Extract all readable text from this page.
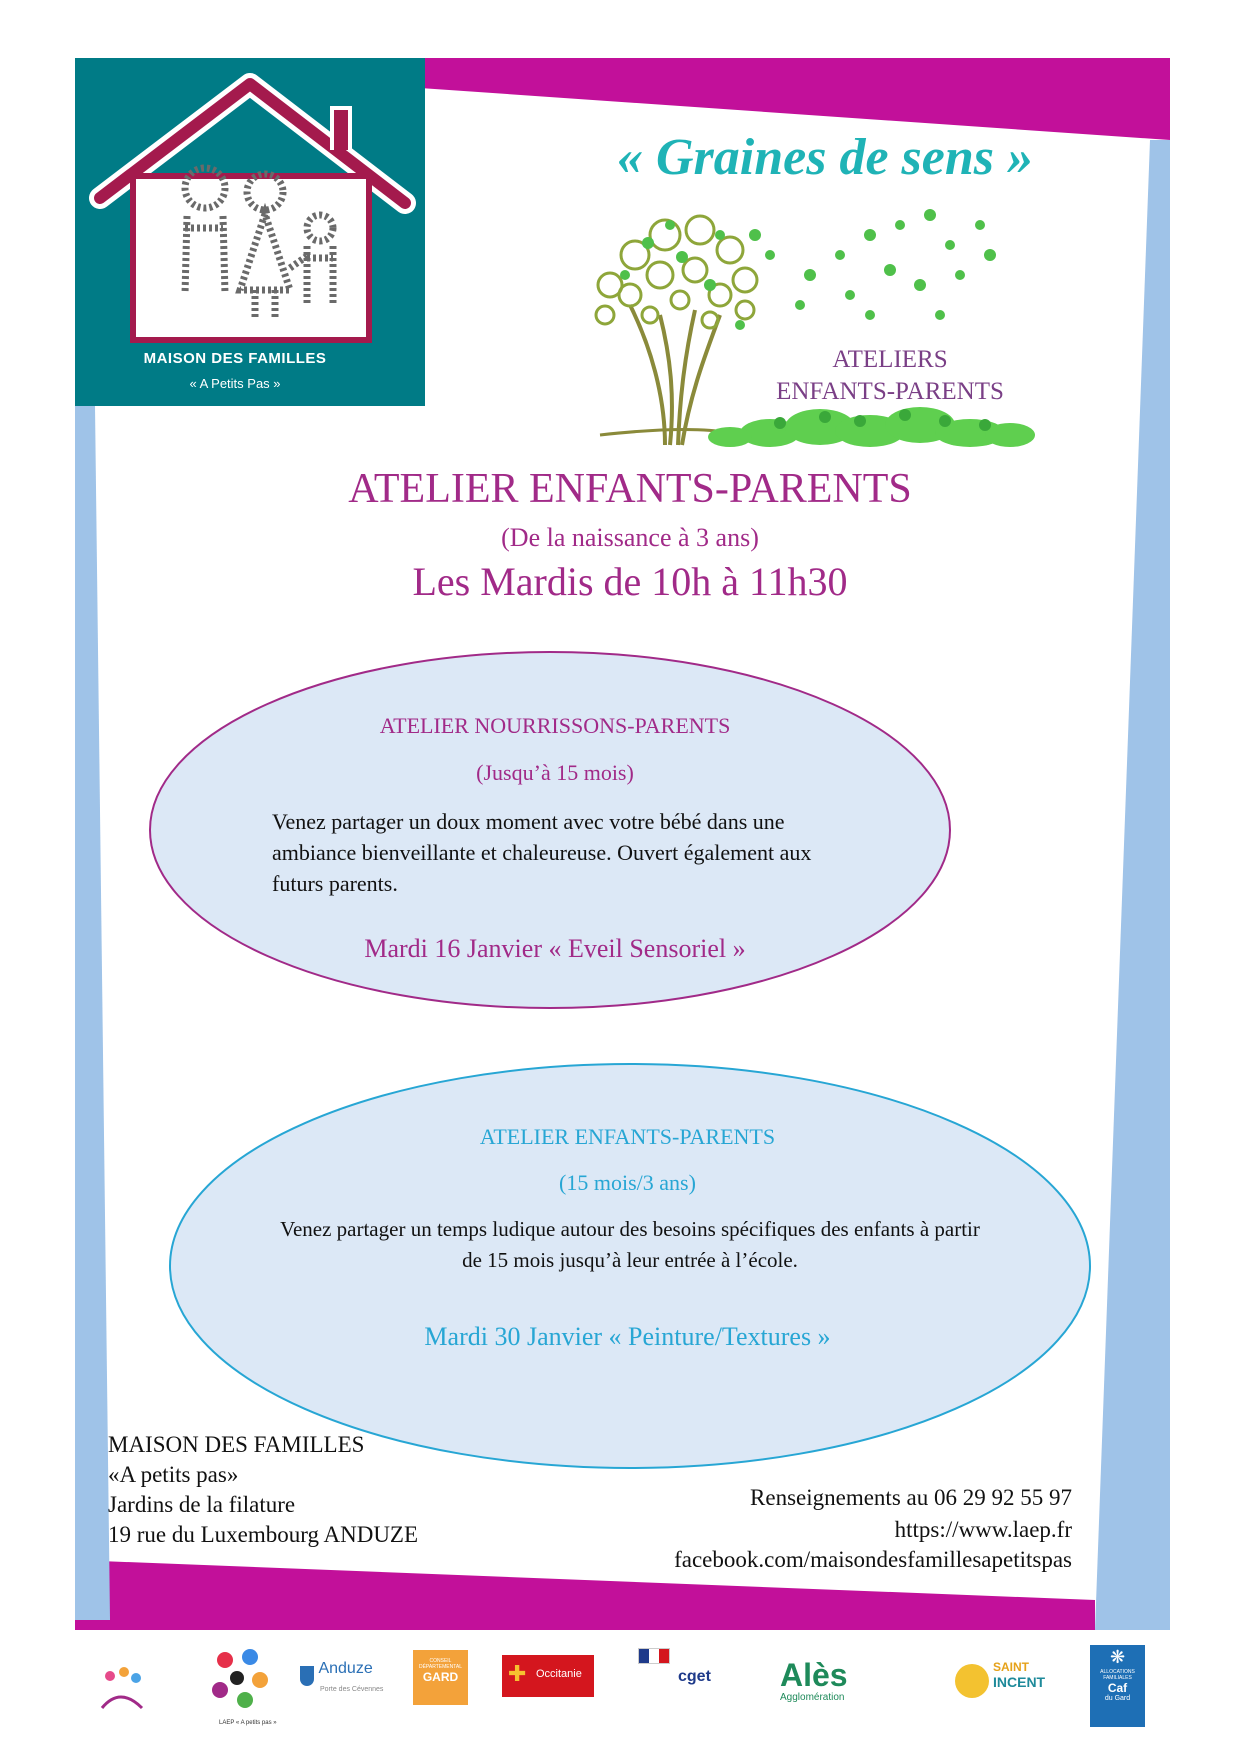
MAISON DES FAMILLES
« A Petits Pas »
« Graines de sens »
ATELIERS
ENFANTS-PARENTS
ATELIER ENFANTS-PARENTS
(De la naissance à 3 ans)
Les Mardis de 10h à 11h30
ATELIER NOURRISSONS-PARENTS
(Jusqu’à 15 mois)
Venez partager un doux moment avec votre bébé dans une ambiance bienveillante et chaleureuse. Ouvert également aux futurs parents.
Mardi 16 Janvier « Eveil Sensoriel »
ATELIER ENFANTS-PARENTS
(15 mois/3 ans)
Venez partager un temps ludique autour des besoins spécifiques des enfants à partir de 15 mois jusqu’à leur entrée à l’école.
Mardi 30 Janvier « Peinture/Textures »
MAISON DES FAMILLES
«A petits pas»
Jardins de la filature
19 rue du Luxembourg ANDUZE
Renseignements au 06 29 92 55 97
https://www.laep.fr
facebook.com/maisondesfamillesapetitspas
LAEP « A petits pas »
Anduze
Porte des Cévennes
CONSEIL DÉPARTEMENTAL
GARD	✚ Occitanie	cget Alès
Agglomération
SAINT
INCENT
❋
ALLOCATIONS
FAMILIALES
Caf
du Gard
